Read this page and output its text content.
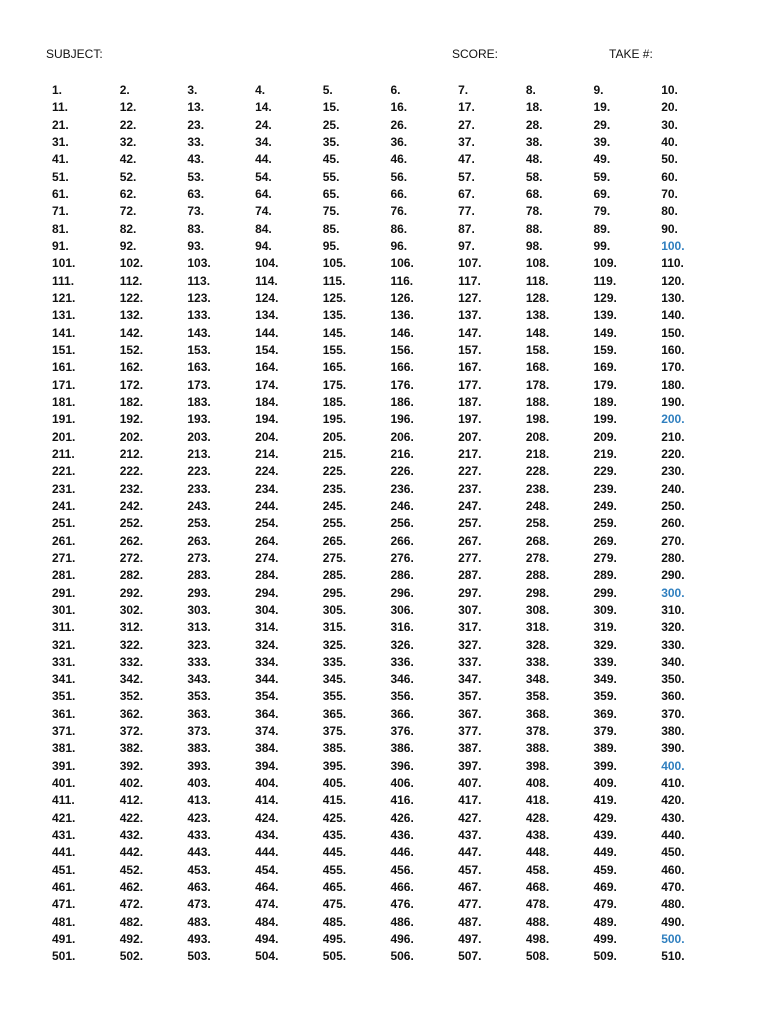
SUBJECT:	SCORE:	TAKE #:
1.	2.	3.	4.	5.	6.	7.	8.	9.	10.
11.	12.	13.	14.	15.	16.	17.	18.	19.	20.
21.	22.	23.	24.	25.	26.	27.	28.	29.	30.
31.	32.	33.	34.	35.	36.	37.	38.	39.	40.
41.	42.	43.	44.	45.	46.	47.	48.	49.	50.
51.	52.	53.	54.	55.	56.	57.	58.	59.	60.
61.	62.	63.	64.	65.	66.	67.	68.	69.	70.
71.	72.	73.	74.	75.	76.	77.	78.	79.	80.
81.	82.	83.	84.	85.	86.	87.	88.	89.	90.
91.	92.	93.	94.	95.	96.	97.	98.	99.	100.
101.	102.	103.	104.	105.	106.	107.	108.	109.	110.
111.	112.	113.	114.	115.	116.	117.	118.	119.	120.
121.	122.	123.	124.	125.	126.	127.	128.	129.	130.
131.	132.	133.	134.	135.	136.	137.	138.	139.	140.
141.	142.	143.	144.	145.	146.	147.	148.	149.	150.
151.	152.	153.	154.	155.	156.	157.	158.	159.	160.
161.	162.	163.	164.	165.	166.	167.	168.	169.	170.
171.	172.	173.	174.	175.	176.	177.	178.	179.	180.
181.	182.	183.	184.	185.	186.	187.	188.	189.	190.
191.	192.	193.	194.	195.	196.	197.	198.	199.	200.
201.	202.	203.	204.	205.	206.	207.	208.	209.	210.
211.	212.	213.	214.	215.	216.	217.	218.	219.	220.
221.	222.	223.	224.	225.	226.	227.	228.	229.	230.
231.	232.	233.	234.	235.	236.	237.	238.	239.	240.
241.	242.	243.	244.	245.	246.	247.	248.	249.	250.
251.	252.	253.	254.	255.	256.	257.	258.	259.	260.
261.	262.	263.	264.	265.	266.	267.	268.	269.	270.
271.	272.	273.	274.	275.	276.	277.	278.	279.	280.
281.	282.	283.	284.	285.	286.	287.	288.	289.	290.
291.	292.	293.	294.	295.	296.	297.	298.	299.	300.
301.	302.	303.	304.	305.	306.	307.	308.	309.	310.
311.	312.	313.	314.	315.	316.	317.	318.	319.	320.
321.	322.	323.	324.	325.	326.	327.	328.	329.	330.
331.	332.	333.	334.	335.	336.	337.	338.	339.	340.
341.	342.	343.	344.	345.	346.	347.	348.	349.	350.
351.	352.	353.	354.	355.	356.	357.	358.	359.	360.
361.	362.	363.	364.	365.	366.	367.	368.	369.	370.
371.	372.	373.	374.	375.	376.	377.	378.	379.	380.
381.	382.	383.	384.	385.	386.	387.	388.	389.	390.
391.	392.	393.	394.	395.	396.	397.	398.	399.	400.
401.	402.	403.	404.	405.	406.	407.	408.	409.	410.
411.	412.	413.	414.	415.	416.	417.	418.	419.	420.
421.	422.	423.	424.	425.	426.	427.	428.	429.	430.
431.	432.	433.	434.	435.	436.	437.	438.	439.	440.
441.	442.	443.	444.	445.	446.	447.	448.	449.	450.
451.	452.	453.	454.	455.	456.	457.	458.	459.	460.
461.	462.	463.	464.	465.	466.	467.	468.	469.	470.
471.	472.	473.	474.	475.	476.	477.	478.	479.	480.
481.	482.	483.	484.	485.	486.	487.	488.	489.	490.
491.	492.	493.	494.	495.	496.	497.	498.	499.	500.
501.	502.	503.	504.	505.	506.	507.	508.	509.	510.
